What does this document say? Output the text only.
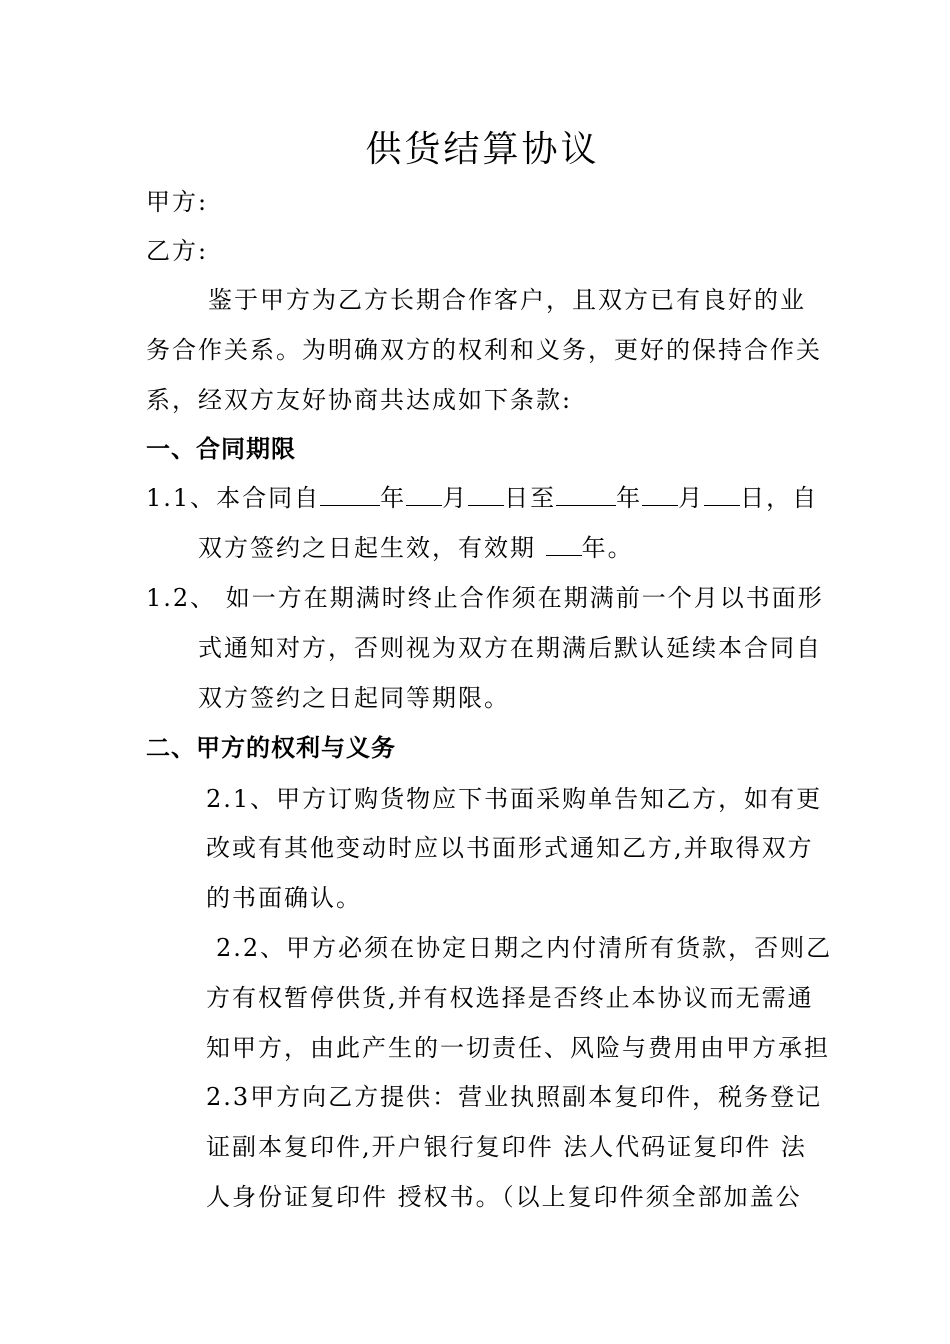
供货结算协议
甲方:
乙方:
鉴于甲方为乙方长期合作客户，且双方已有良好的业
务合作关系。为明确双方的权利和义务，更好的保持合作关
系，经双方友好协商共达成如下条款:
一、合同期限
1.1、本合同自	年 月 日至	年 月 日，自
双方签约之日起生效，有效期 年。
1.2、 如一方在期满时终止合作须在期满前一个月以书面形
式通知对方，否则视为双方在期满后默认延续本合同自
双方签约之日起同等期限。
二、甲方的权利与义务
2.1、甲方订购货物应下书面采购单告知乙方，如有更
改或有其他变动时应以书面形式通知乙方,并取得双方
的书面确认。
2.2、甲方必须在协定日期之内付清所有货款，否则乙
方有权暂停供货,并有权选择是否终止本协议而无需通
知甲方，由此产生的一切责任、风险与费用由甲方承担
2.3甲方向乙方提供：营业执照副本复印件，税务登记
证副本复印件,开户银行复印件 法人代码证复印件 法
人身份证复印件 授权书。（以上复印件须全部加盖公
